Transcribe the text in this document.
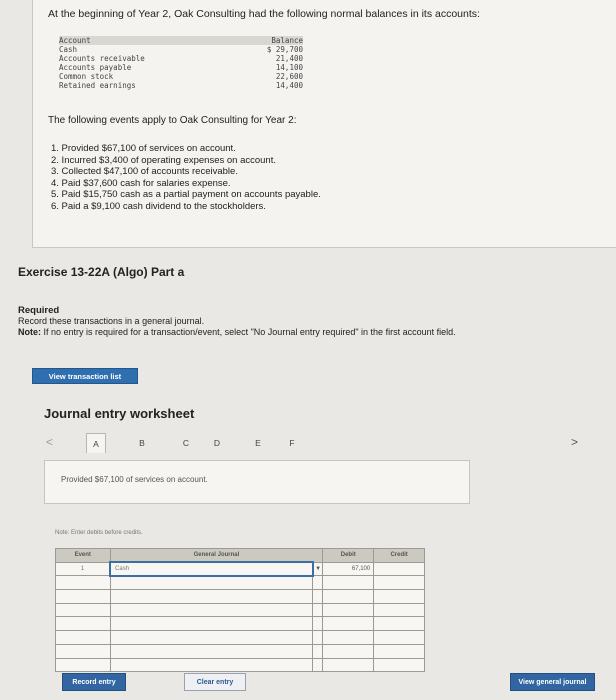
At the beginning of Year 2, Oak Consulting had the following normal balances in its accounts:
Account	Balance
Cash	$ 29,700
Accounts receivable	21,400
Accounts payable	14,100
Common stock	22,600
Retained earnings	14,400
The following events apply to Oak Consulting for Year 2:
1. Provided $67,100 of services on account.
2. Incurred $3,400 of operating expenses on account.
3. Collected $47,100 of accounts receivable.
4. Paid $37,600 cash for salaries expense.
5. Paid $15,750 cash as a partial payment on accounts payable.
6. Paid a $9,100 cash dividend to the stockholders.
Exercise 13-22A (Algo) Part a
Required
Record these transactions in a general journal.
Note: If no entry is required for a transaction/event, select "No Journal entry required" in the first account field.
View transaction list
Journal entry worksheet
<	A	B	C	D	E	F	>
Provided $67,100 of services on account.
Note: Enter debits before credits.
Event	General Journal		Debit	Credit
1	Cash	▼	67,100	

Record entry	Clear entry	View general journal
